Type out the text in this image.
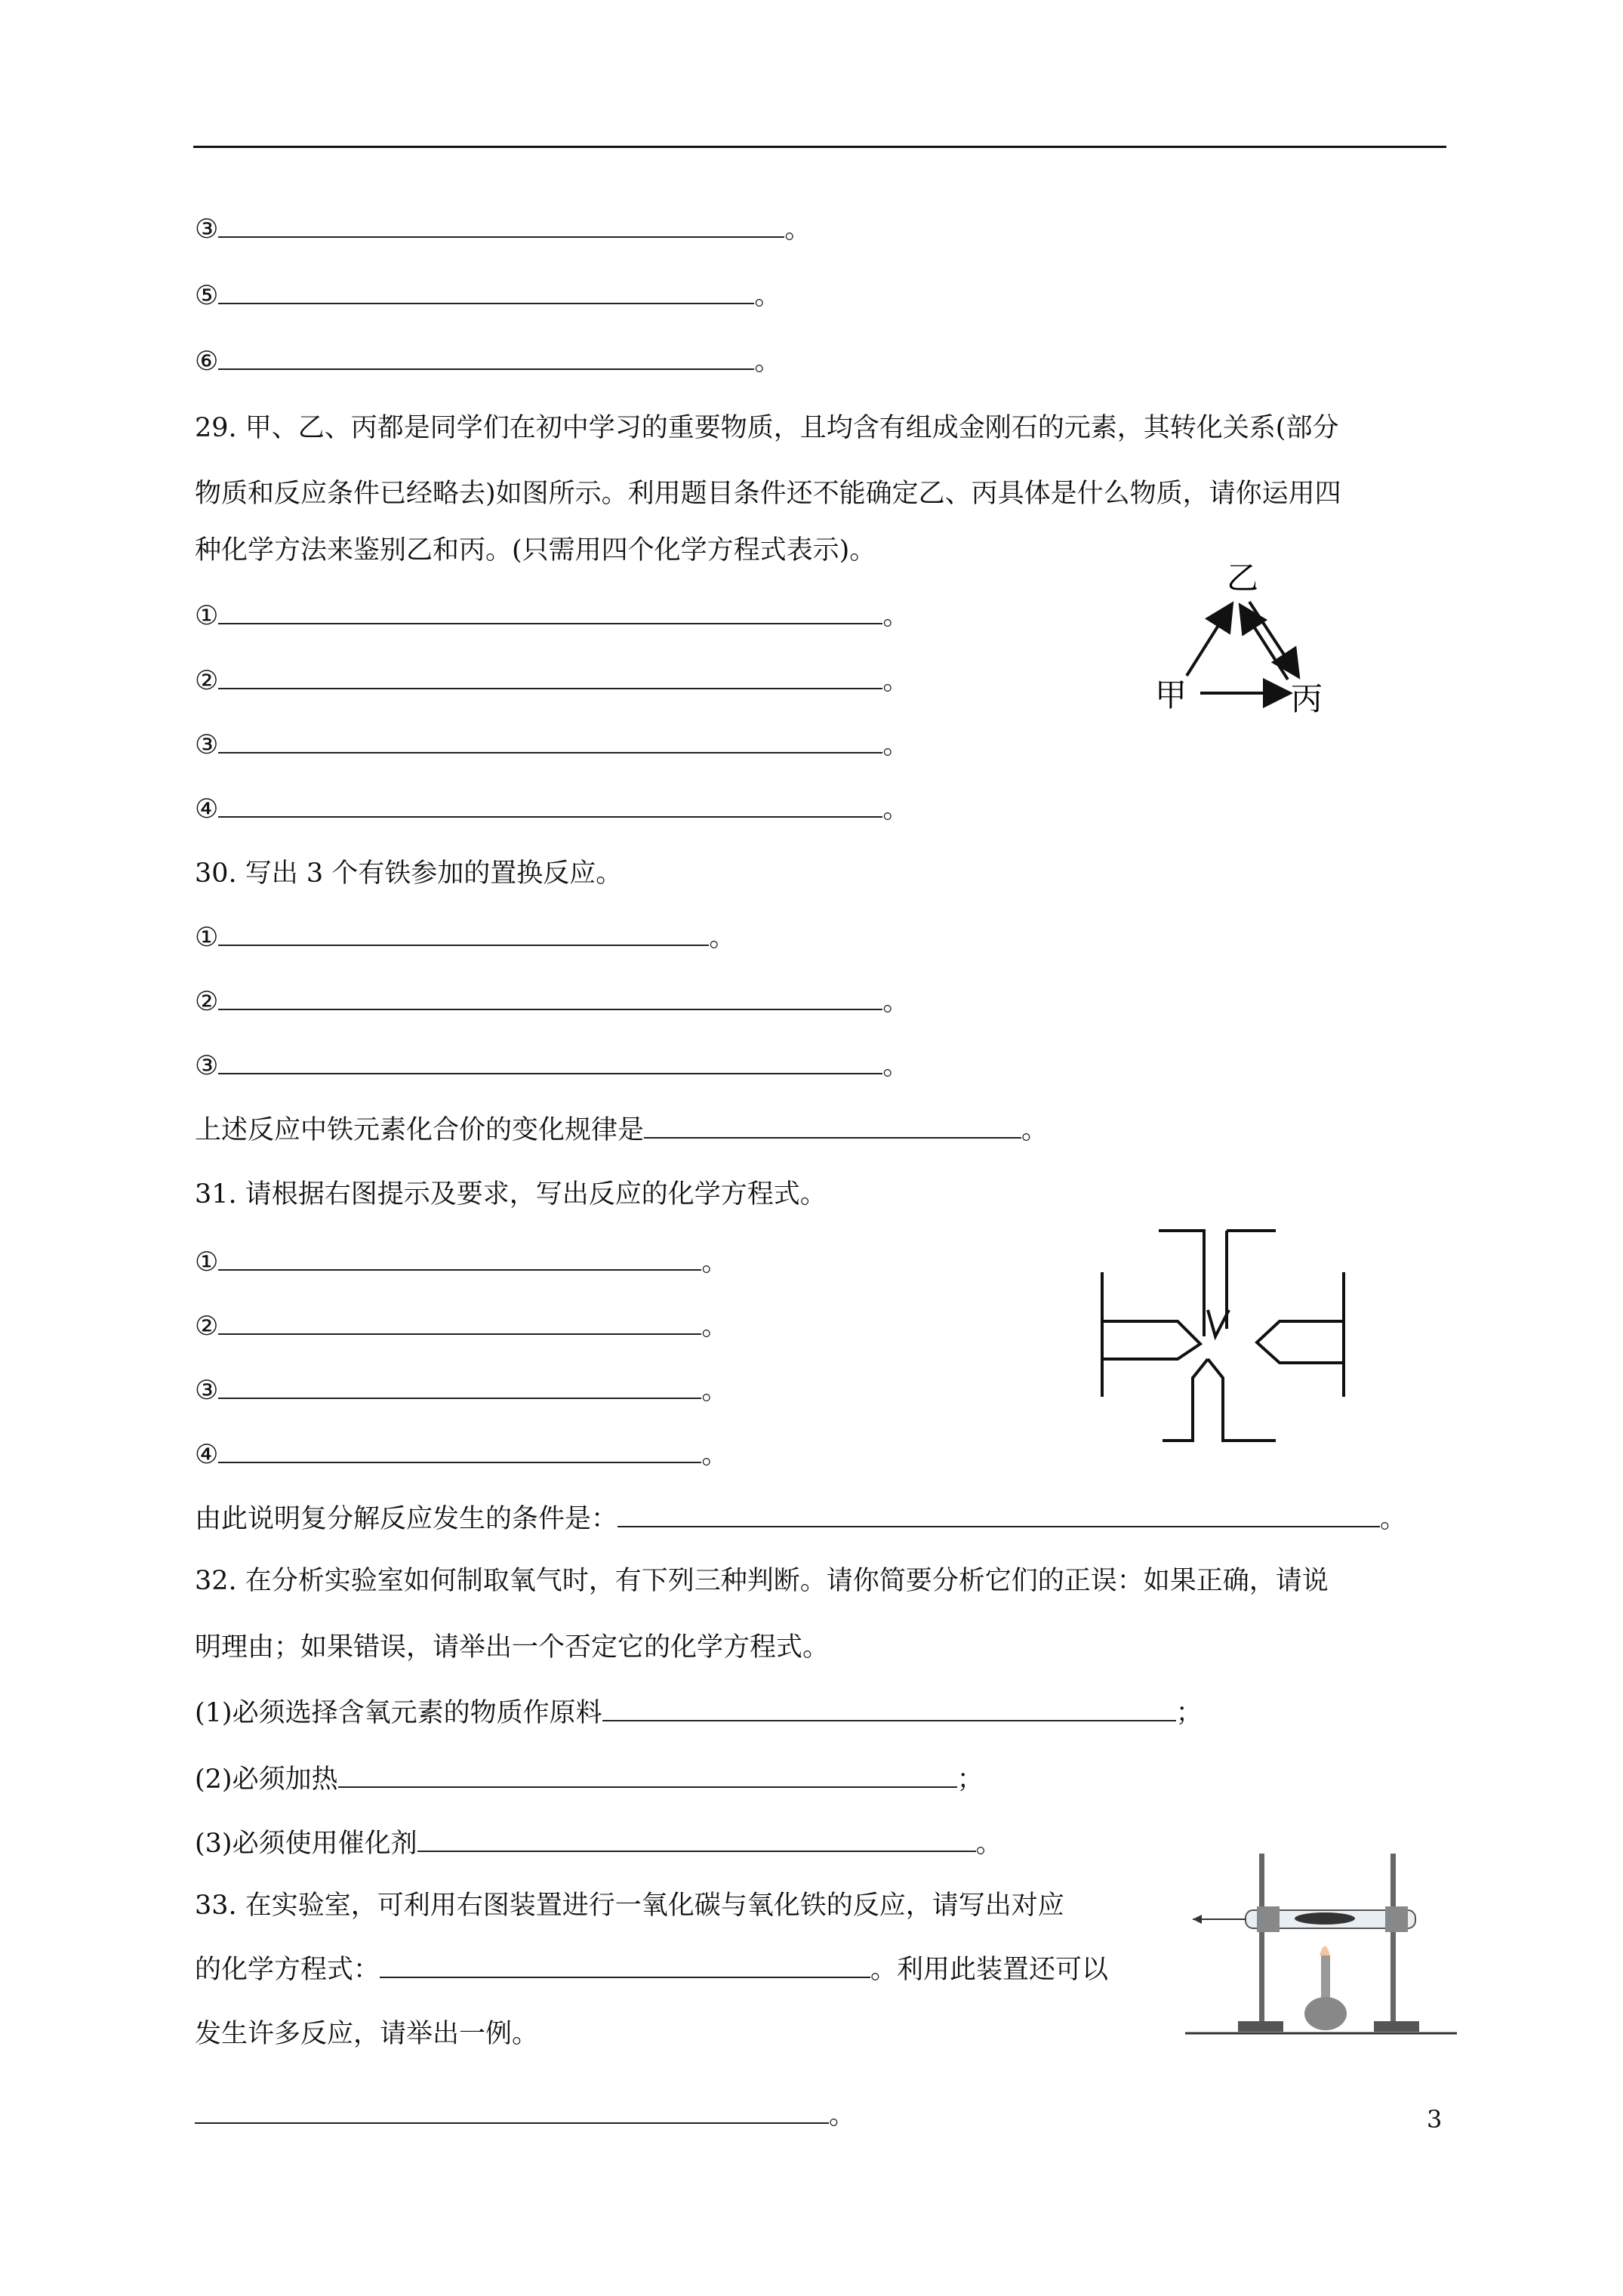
③	。
⑤	。
⑥	。
29. 甲、乙、丙都是同学们在初中学习的重要物质，且均含有组成金刚石的元素，其转化关系(部分
物质和反应条件已经略去)如图所示。利用题目条件还不能确定乙、丙具体是什么物质，请你运用四
种化学方法来鉴别乙和丙。(只需用四个化学方程式表示)。
①	。
②	。
③	。
④	。
乙
甲	丙
30. 写出 3 个有铁参加的置换反应。
①	。
②	。
③	。
上述反应中铁元素化合价的变化规律是	。
31. 请根据右图提示及要求，写出反应的化学方程式。
①	。
②	。
③	。
④	。
由此说明复分解反应发生的条件是：	。
32. 在分析实验室如何制取氧气时，有下列三种判断。请你简要分析它们的正误：如果正确，请说
明理由；如果错误，请举出一个否定它的化学方程式。
(1)必须选择含氧元素的物质作原料	；
(2)必须加热	；
(3)必须使用催化剂	。
33. 在实验室，可利用右图装置进行一氧化碳与氧化铁的反应，请写出对应
的化学方程式：	。利用此装置还可以
发生许多反应，请举出一例。
。	3
